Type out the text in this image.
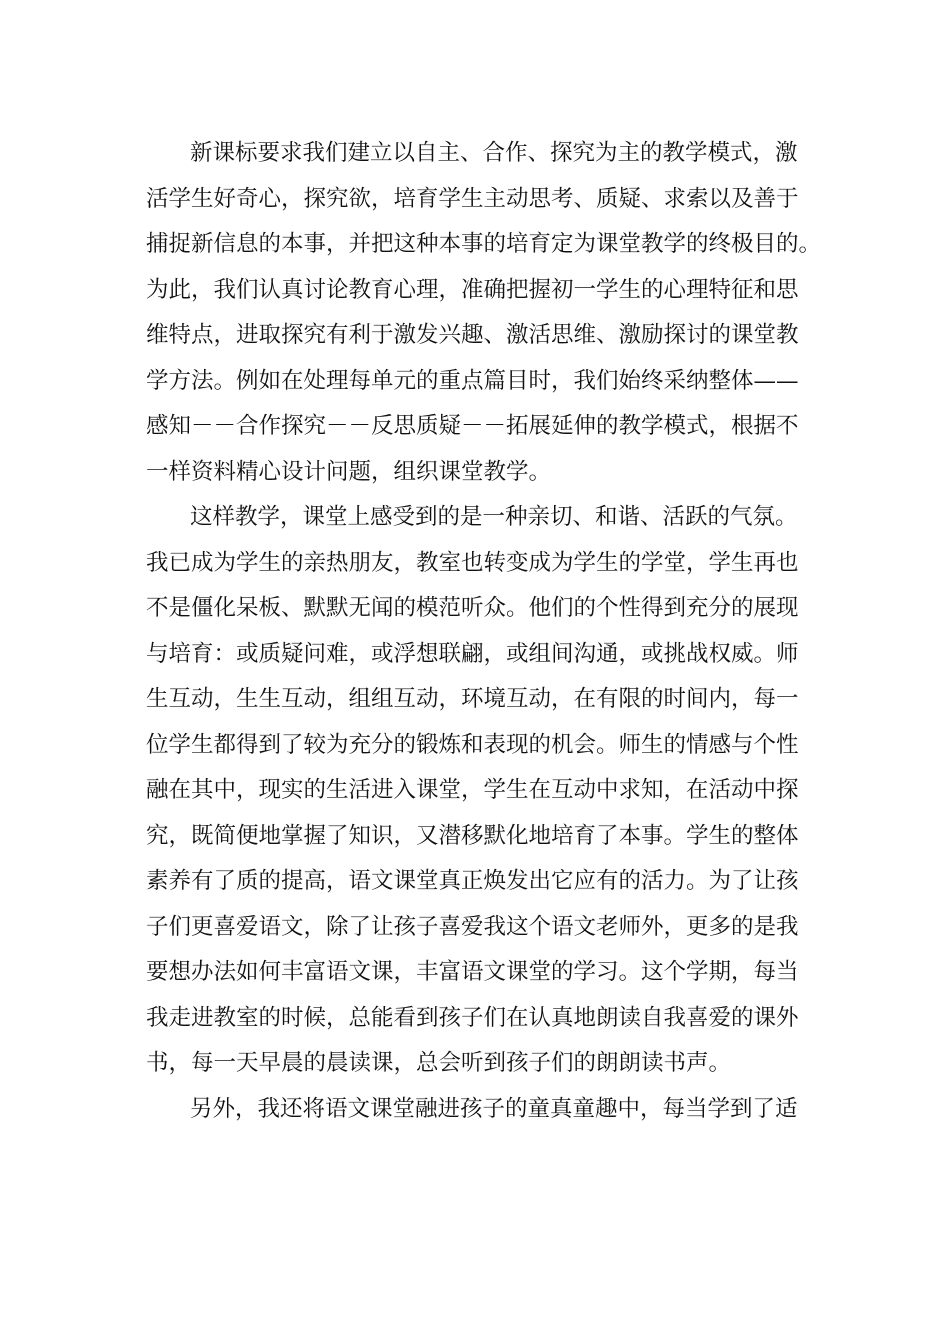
新课标要求我们建立以自主、合作、探究为主的教学模式，激
活学生好奇心，探究欲，培育学生主动思考、质疑、求索以及善于
捕捉新信息的本事，并把这种本事的培育定为课堂教学的终极目的。
为此，我们认真讨论教育心理，准确把握初一学生的心理特征和思
维特点，进取探究有利于激发兴趣、激活思维、激励探讨的课堂教
学方法。例如在处理每单元的重点篇目时，我们始终采纳整体——
感知－－合作探究－－反思质疑－－拓展延伸的教学模式，根据不
一样资料精心设计问题，组织课堂教学。
这样教学，课堂上感受到的是一种亲切、和谐、活跃的气氛。
我已成为学生的亲热朋友，教室也转变成为学生的学堂，学生再也
不是僵化呆板、默默无闻的模范听众。他们的个性得到充分的展现
与培育：或质疑问难，或浮想联翩，或组间沟通，或挑战权威。师
生互动，生生互动，组组互动，环境互动，在有限的时间内，每一
位学生都得到了较为充分的锻炼和表现的机会。师生的情感与个性
融在其中，现实的生活进入课堂，学生在互动中求知，在活动中探
究，既简便地掌握了知识，又潜移默化地培育了本事。学生的整体
素养有了质的提高，语文课堂真正焕发出它应有的活力。为了让孩
子们更喜爱语文，除了让孩子喜爱我这个语文老师外，更多的是我
要想办法如何丰富语文课，丰富语文课堂的学习。这个学期，每当
我走进教室的时候，总能看到孩子们在认真地朗读自我喜爱的课外
书，每一天早晨的晨读课，总会听到孩子们的朗朗读书声。
另外，我还将语文课堂融进孩子的童真童趣中，每当学到了适
